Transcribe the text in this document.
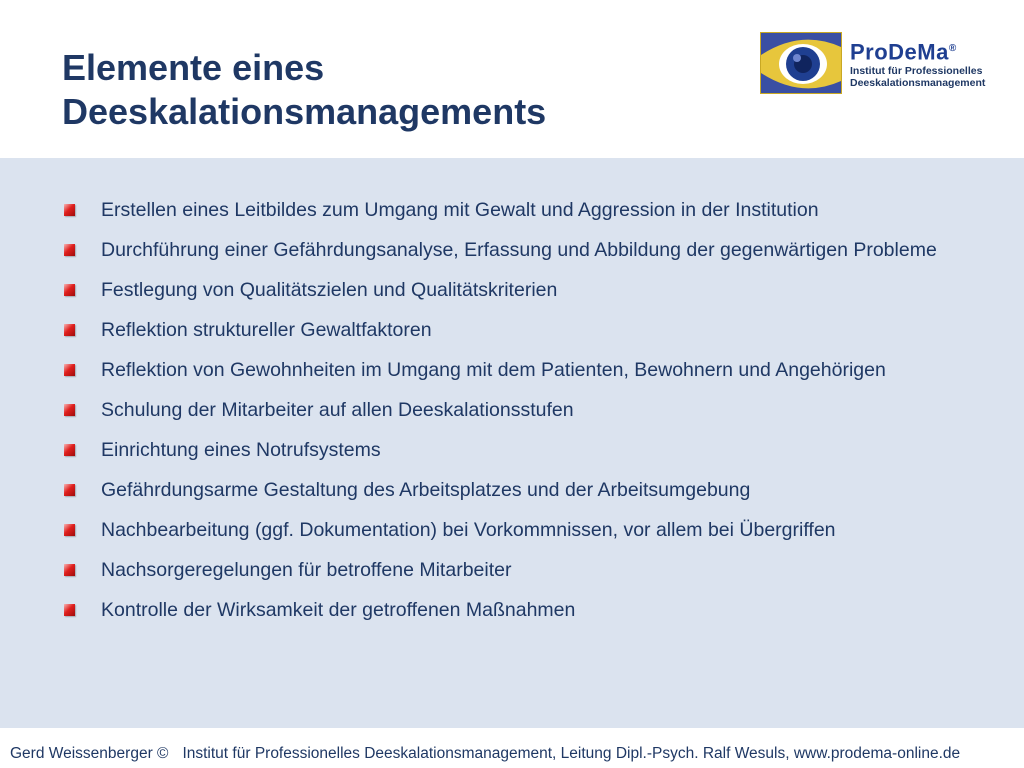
Elemente eines
Deeskalationsmanagements
ProDeMa®
Institut für Professionelles
Deeskalationsmanagement
Erstellen eines Leitbildes zum Umgang mit Gewalt und Aggression in der Institution
Durchführung einer Gefährdungsanalyse, Erfassung und Abbildung der gegenwärtigen Probleme
Festlegung von Qualitätszielen und Qualitätskriterien
Reflektion struktureller Gewaltfaktoren
Reflektion von Gewohnheiten im Umgang mit dem Patienten, Bewohnern und Angehörigen
Schulung der Mitarbeiter auf allen Deeskalationsstufen
Einrichtung eines Notrufsystems
Gefährdungsarme Gestaltung des Arbeitsplatzes und der Arbeitsumgebung
Nachbearbeitung (ggf. Dokumentation) bei Vorkommnissen, vor allem bei Übergriffen
Nachsorgeregelungen für betroffene Mitarbeiter
Kontrolle der Wirksamkeit der getroffenen Maßnahmen
Gerd Weissenberger © Institut für Professionelles Deeskalationsmanagement, Leitung Dipl.-Psych. Ralf Wesuls, www.prodema-online.de
